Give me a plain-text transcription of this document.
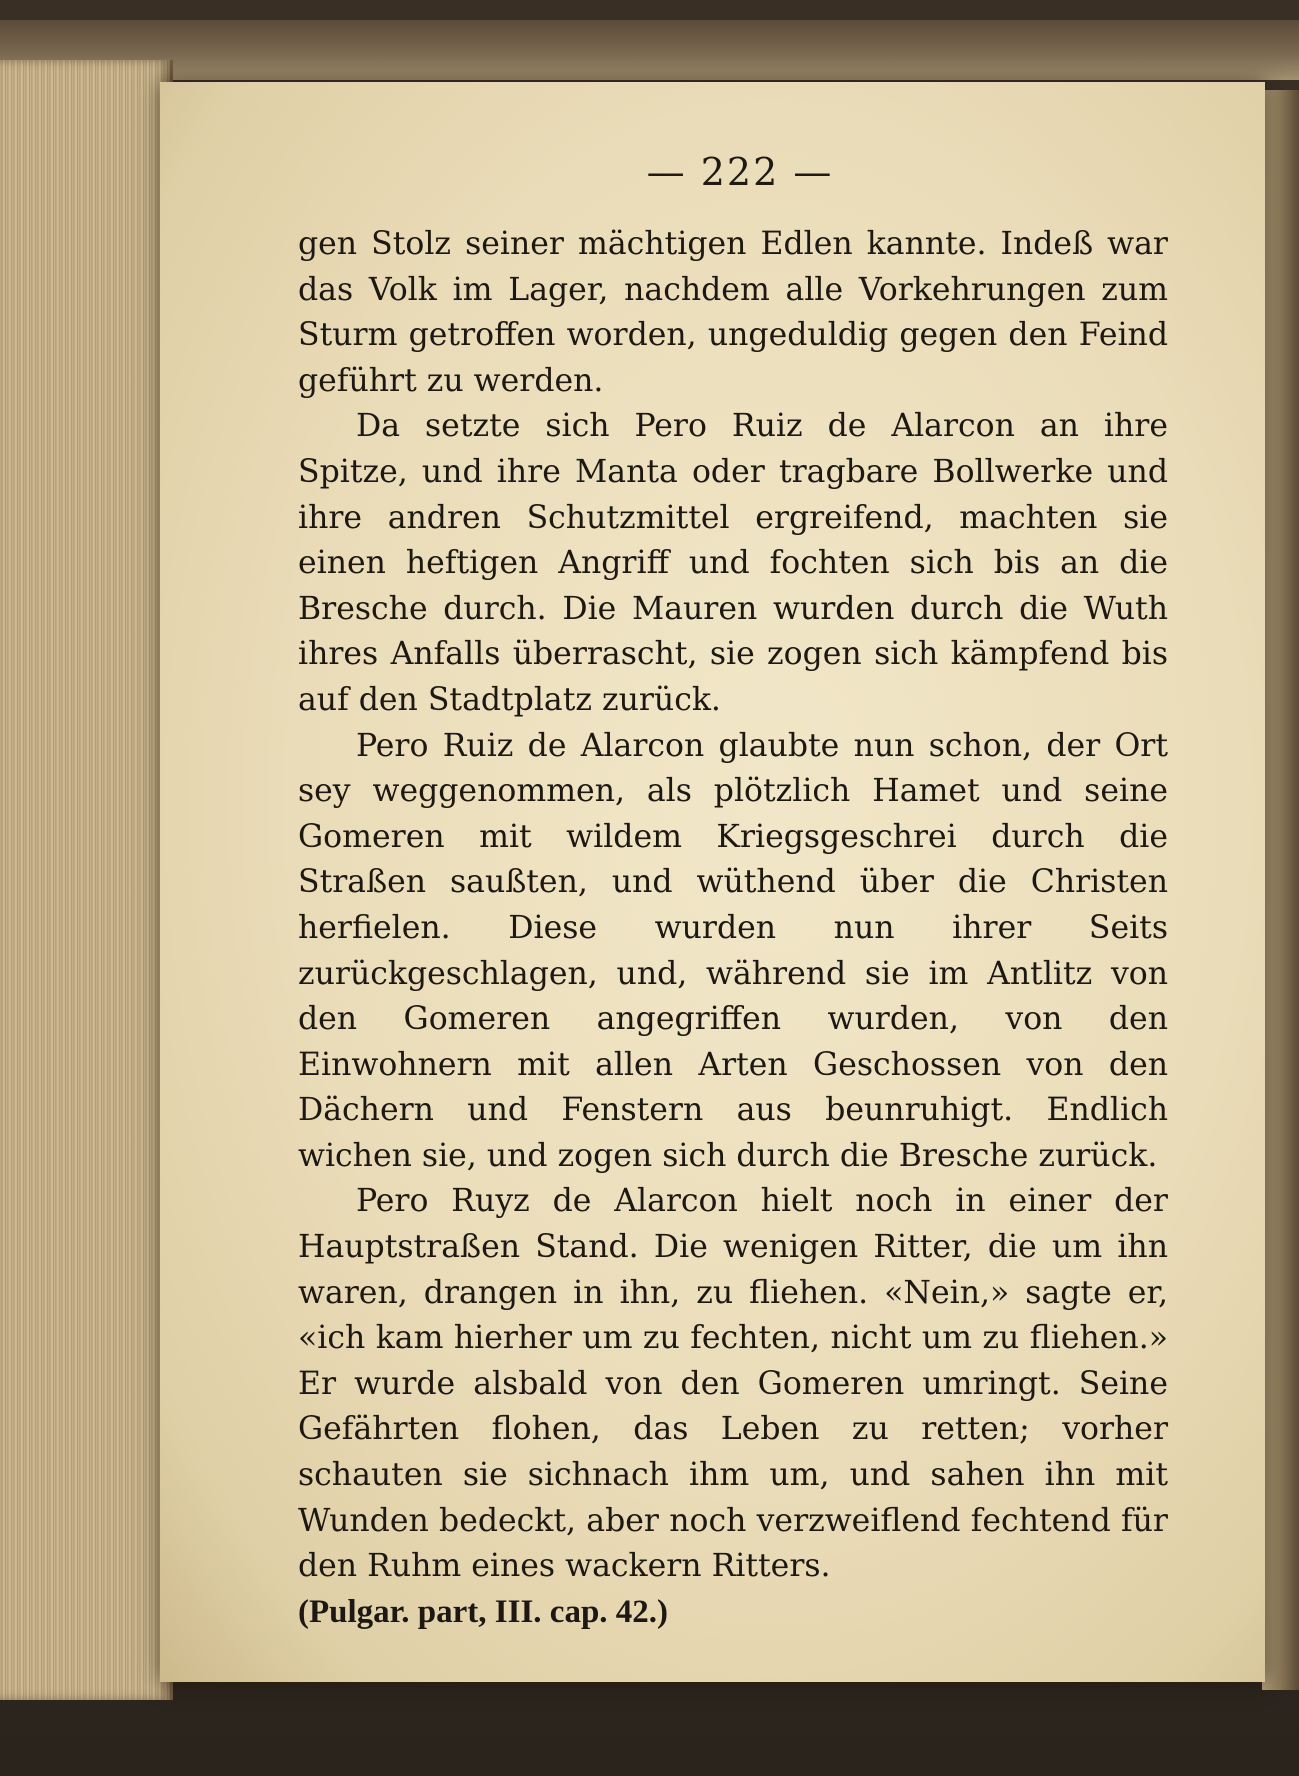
— 222 —

gen Stolz seiner mächtigen Edlen kannte. Indeß war das Volk im Lager, nachdem alle Vorkehrungen zum Sturm getroffen worden, ungeduldig gegen den Feind geführt zu werden.

Da setzte sich Pero Ruiz de Alarcon an ihre Spitze, und ihre Manta oder tragbare Bollwerke und ihre andren Schutzmittel ergreifend, machten sie einen heftigen Angriff und fochten sich bis an die Bresche durch. Die Mauren wurden durch die Wuth ihres Anfalls überrascht, sie zogen sich kämpfend bis auf den Stadtplatz zurück.

Pero Ruiz de Alarcon glaubte nun schon, der Ort sey weggenommen, als plötzlich Hamet und seine Gomeren mit wildem Kriegsgeschrei durch die Straßen saußten, und wüthend über die Christen herfielen. Diese wurden nun ihrer Seits zurückgeschlagen, und, während sie im Antlitz von den Gomeren angegriffen wurden, von den Einwohnern mit allen Arten Geschossen von den Dächern und Fenstern aus beunruhigt. Endlich wichen sie, und zogen sich durch die Bresche zurück.

Pero Ruyz de Alarcon hielt noch in einer der Hauptstraßen Stand. Die wenigen Ritter, die um ihn waren, drangen in ihn, zu fliehen. «Nein,» sagte er, «ich kam hierher um zu fechten, nicht um zu fliehen.» Er wurde alsbald von den Gomeren umringt. Seine Gefährten flohen, das Leben zu retten; vorher schauten sie sichnach ihm um, und sahen ihn mit Wunden bedeckt, aber noch verzweiflend fechtend für den Ruhm eines wackern Ritters.

(Pulgar. part, III. cap. 42.)
